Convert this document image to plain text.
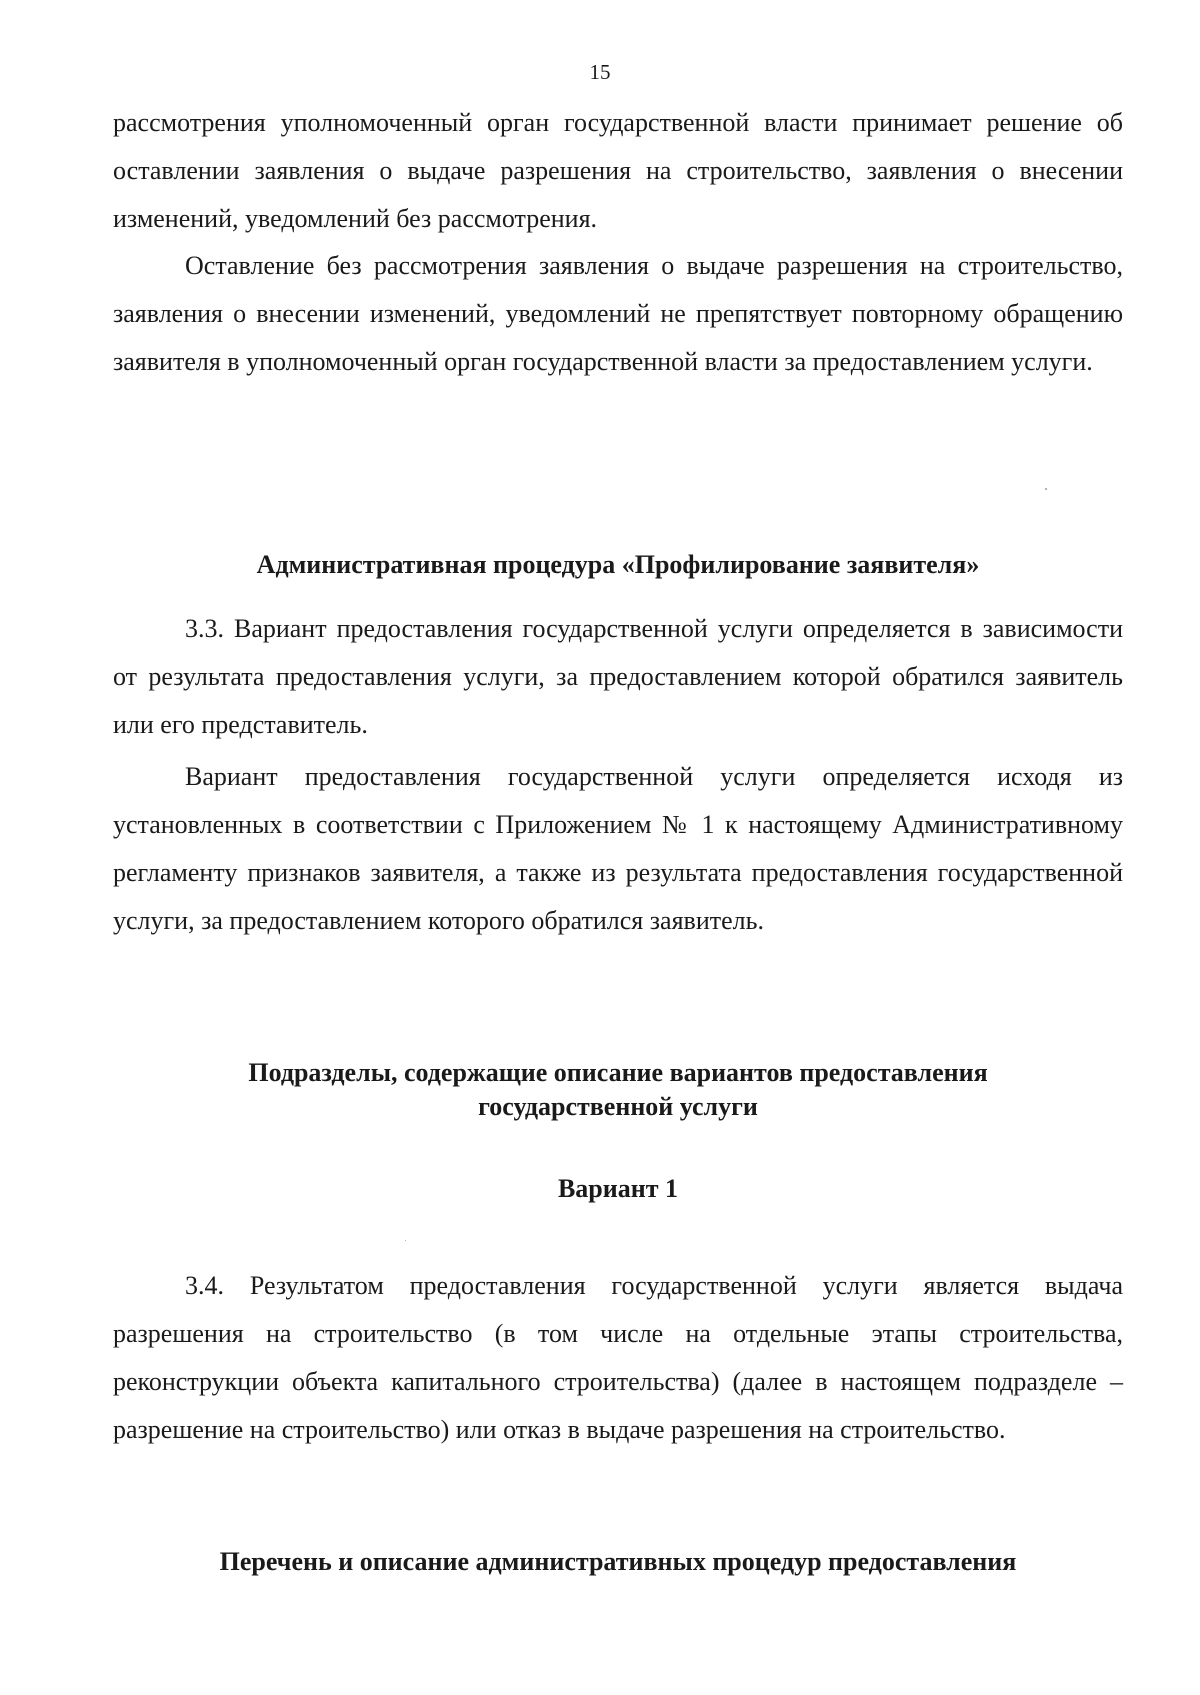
15

рассмотрения уполномоченный орган государственной власти принимает решение об оставлении заявления о выдаче разрешения на строительство, заявления о внесении изменений, уведомлений без рассмотрения.

Оставление без рассмотрения заявления о выдаче разрешения на строительство, заявления о внесении изменений, уведомлений не препятствует повторному обращению заявителя в уполномоченный орган государственной власти за предоставлением услуги.

Административная процедура «Профилирование заявителя»

3.3. Вариант предоставления государственной услуги определяется в зависимости от результата предоставления услуги, за предоставлением которой обратился заявитель или его представитель.

Вариант предоставления государственной услуги определяется исходя из установленных в соответствии с Приложением № 1 к настоящему Административному регламенту признаков заявителя, а также из результата предоставления государственной услуги, за предоставлением которого обратился заявитель.

Подразделы, содержащие описание вариантов предоставления

государственной услуги

Вариант 1

3.4. Результатом предоставления государственной услуги является выдача разрешения на строительство (в том числе на отдельные этапы строительства, реконструкции объекта капитального строительства) (далее в настоящем подразделе – разрешение на строительство) или отказ в выдаче разрешения на строительство.

Перечень и описание административных процедур предоставления
